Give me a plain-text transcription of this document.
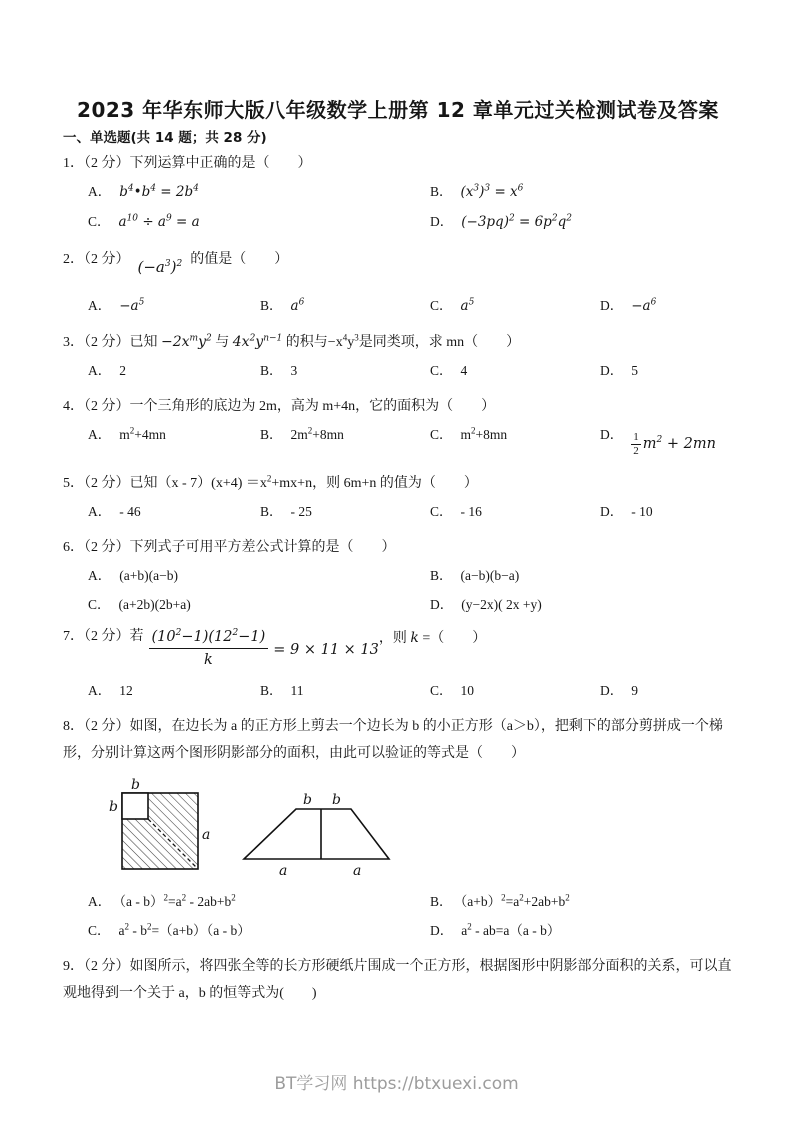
2023 年华东师大版八年级数学上册第 12 章单元过关检测试卷及答案
一、单选题(共 14 题；共 28 分)

1．（2 分）下列运算中正确的是（　　）

A． $b^4•b^4 = 2b^4$	B． $(x^3)^3 = x^6$
C． $a^{10} \div a^9 = a$	D． $(-3pq)^2 = 6p^2q^2$

2．（2 分） $(-a^3)^2$ 的值是（　　）

A． $-a^5$	B． $a^6$	C． $a^5$	D． $-a^6$

3．（2 分）已知 $-2x^my^2$ 与 $4x^2y^{n-1}$ 的积与$-x^4y^3$是同类项，求 mn（　　）

A． 2	B． 3	C． 4	D． 5

4．（2 分）一个三角形的底边为 2m，高为 m+4n，它的面积为（　　）

A． $m^2+4mn$	B． $2m^2+8mn$	C． $m^2+8mn$	D． $\frac{1}{2} m^2 + 2mn$

5．（2 分）已知$(x - 7)(x+4) =x^2+mx+n$，则 6m+n 的值为（　　）

A． - 46	B． - 25	C． - 16	D． - 10

6．（2 分）下列式子可用平方差公式计算的是（　　）

A． (a+b)(a−b)	B． (a−b)(b−a)
C． (a+2b)(2b+a)	D． (y−2x)( 2x +y)
7．（2 分）若 $\frac{(10^2-1)(12^2-1)}{k} = 9 \times 11 \times 13$
，则 k =（　　）
A． 12	B． 11	C． 10	D． 9

8．（2 分）如图，在边长为 a 的正方形上剪去一个边长为 b 的小正方形（a＞b），把剩下的部分剪拼成一个梯形，分别计算这两个图形阴影部分的面积，由此可以验证的等式是（　　）

b
b
a
b b
a	a
A． $(a - b)^2=a^2 - 2ab+b^2$	B． $(a+b)^2=a^2+2ab+b^2$
C． $a^2 - b^2=(a+b)(a - b)$	D． $a^2 - ab=a(a - b)$

9．（2 分）如图所示，将四张全等的长方形硬纸片围成一个正方形，根据图形中阴影部分面积的关系，可以直观地得到一个关于 a，b 的恒等式为(　　)

BT学习网 https://btxuexi.com
